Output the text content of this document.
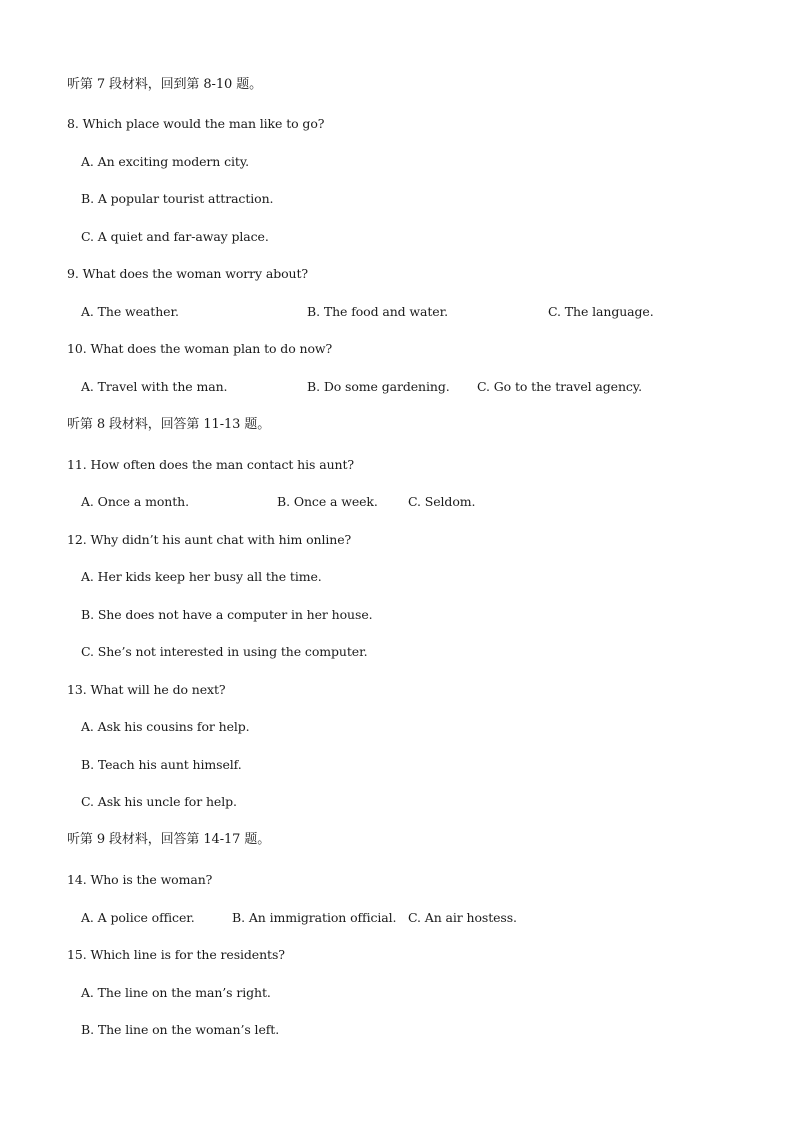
听第 7 段材料，回到第 8-10 题。
8. Which place would the man like to go?
A. An exciting modern city.
B. A popular tourist attraction.
C. A quiet and far-away place.
9. What does the woman worry about?
A. The weather.	B. The food and water.	C. The language.
10. What does the woman plan to do now?
A. Travel with the man.	B. Do some gardening. C. Go to the travel agency.
听第 8 段材料，回答第 11-13 题。
11. How often does the man contact his aunt?
A. Once a month.	B. Once a week. C. Seldom.
12. Why didn’t his aunt chat with him online?
A. Her kids keep her busy all the time.
B. She does not have a computer in her house.
C. She’s not interested in using the computer.
13. What will he do next?
A. Ask his cousins for help.
B. Teach his aunt himself.
C. Ask his uncle for help.
听第 9 段材料，回答第 14-17 题。
14. Who is the woman?
A. A police officer.	B. An immigration official. C. An air hostess.
15. Which line is for the residents?
A. The line on the man’s right.
B. The line on the woman’s left.
